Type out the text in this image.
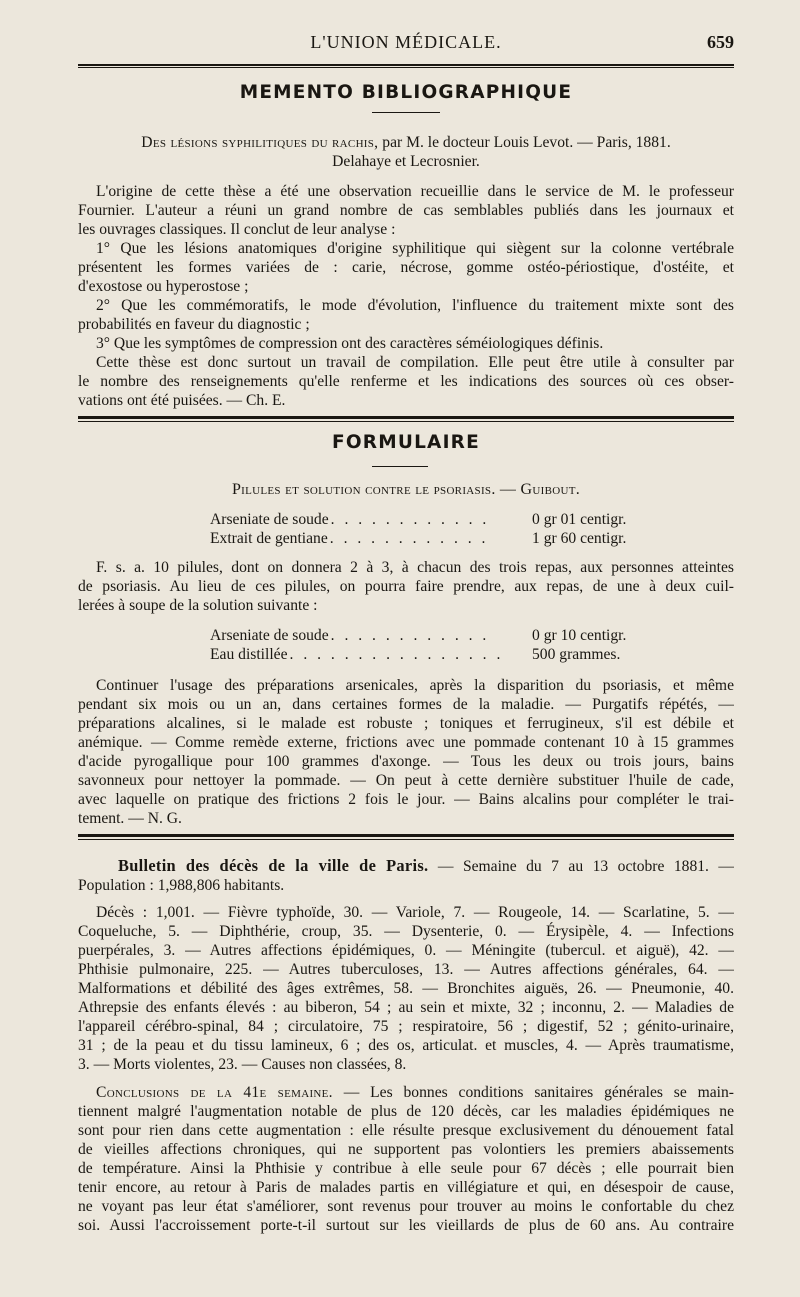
L'UNION MÉDICALE.	659
MEMENTO BIBLIOGRAPHIQUE
Des lésions syphilitiques du rachis, par M. le docteur Louis Levot. — Paris, 1881.
Delahaye et Lecrosnier.
L'origine de cette thèse a été une observation recueillie dans le service de M. le professeur
Fournier. L'auteur a réuni un grand nombre de cas semblables publiés dans les journaux et
les ouvrages classiques. Il conclut de leur analyse :
1° Que les lésions anatomiques d'origine syphilitique qui siègent sur la colonne vertébrale
présentent les formes variées de : carie, nécrose, gomme ostéo-périostique, d'ostéite, et
d'exostose ou hyperostose ;
2° Que les commémoratifs, le mode d'évolution, l'influence du traitement mixte sont des
probabilités en faveur du diagnostic ;
3° Que les symptômes de compression ont des caractères séméiologiques définis.
Cette thèse est donc surtout un travail de compilation. Elle peut être utile à consulter par
le nombre des renseignements qu'elle renferme et les indications des sources où ces obser-
vations ont été puisées. — Ch. E.
FORMULAIRE
Pilules et solution contre le psoriasis. — Guibout.
Arseniate de soude . . . . . . . . . . . .	0 gr 01 centigr.
Extrait de gentiane . . . . . . . . . . . .	1 gr 60 centigr.
F. s. a. 10 pilules, dont on donnera 2 à 3, à chacun des trois repas, aux personnes atteintes
de psoriasis. Au lieu de ces pilules, on pourra faire prendre, aux repas, de une à deux cuil-
lerées à soupe de la solution suivante :
Arseniate de soude . . . . . . . . . . . .	0 gr 10 centigr.
Eau distillée . . . . . . . . . . . . . . . .	500 grammes.
Continuer l'usage des préparations arsenicales, après la disparition du psoriasis, et même
pendant six mois ou un an, dans certaines formes de la maladie. — Purgatifs répétés, —
préparations alcalines, si le malade est robuste ; toniques et ferrugineux, s'il est débile et
anémique. — Comme remède externe, frictions avec une pommade contenant 10 à 15 grammes
d'acide pyrogallique pour 100 grammes d'axonge. — Tous les deux ou trois jours, bains
savonneux pour nettoyer la pommade. — On peut à cette dernière substituer l'huile de cade,
avec laquelle on pratique des frictions 2 fois le jour. — Bains alcalins pour compléter le trai-
tement. — N. G.
Bulletin des décès de la ville de Paris. — Semaine du 7 au 13 octobre 1881. —
Population : 1,988,806 habitants.
Décès : 1,001. — Fièvre typhoïde, 30. — Variole, 7. — Rougeole, 14. — Scarlatine, 5. —
Coqueluche, 5. — Diphthérie, croup, 35. — Dysenterie, 0. — Érysipèle, 4. — Infections
puerpérales, 3. — Autres affections épidémiques, 0. — Méningite (tubercul. et aiguë), 42. —
Phthisie pulmonaire, 225. — Autres tuberculoses, 13. — Autres affections générales, 64. —
Malformations et débilité des âges extrêmes, 58. — Bronchites aiguës, 26. — Pneumonie, 40.
Athrepsie des enfants élevés : au biberon, 54 ; au sein et mixte, 32 ; inconnu, 2. — Maladies de
l'appareil cérébro-spinal, 84 ; circulatoire, 75 ; respiratoire, 56 ; digestif, 52 ; génito-urinaire,
31 ; de la peau et du tissu lamineux, 6 ; des os, articulat. et muscles, 4. — Après traumatisme,
3. — Morts violentes, 23. — Causes non classées, 8.
Conclusions de la 41e semaine. — Les bonnes conditions sanitaires générales se main-
tiennent malgré l'augmentation notable de plus de 120 décès, car les maladies épidémiques ne
sont pour rien dans cette augmentation : elle résulte presque exclusivement du dénouement fatal
de vieilles affections chroniques, qui ne supportent pas volontiers les premiers abaissements
de température. Ainsi la Phthisie y contribue à elle seule pour 67 décès ; elle pourrait bien
tenir encore, au retour à Paris de malades partis en villégiature et qui, en désespoir de cause,
ne voyant pas leur état s'améliorer, sont revenus pour trouver au moins le confortable du chez
soi. Aussi l'accroissement porte-t-il surtout sur les vieillards de plus de 60 ans. Au contraire
